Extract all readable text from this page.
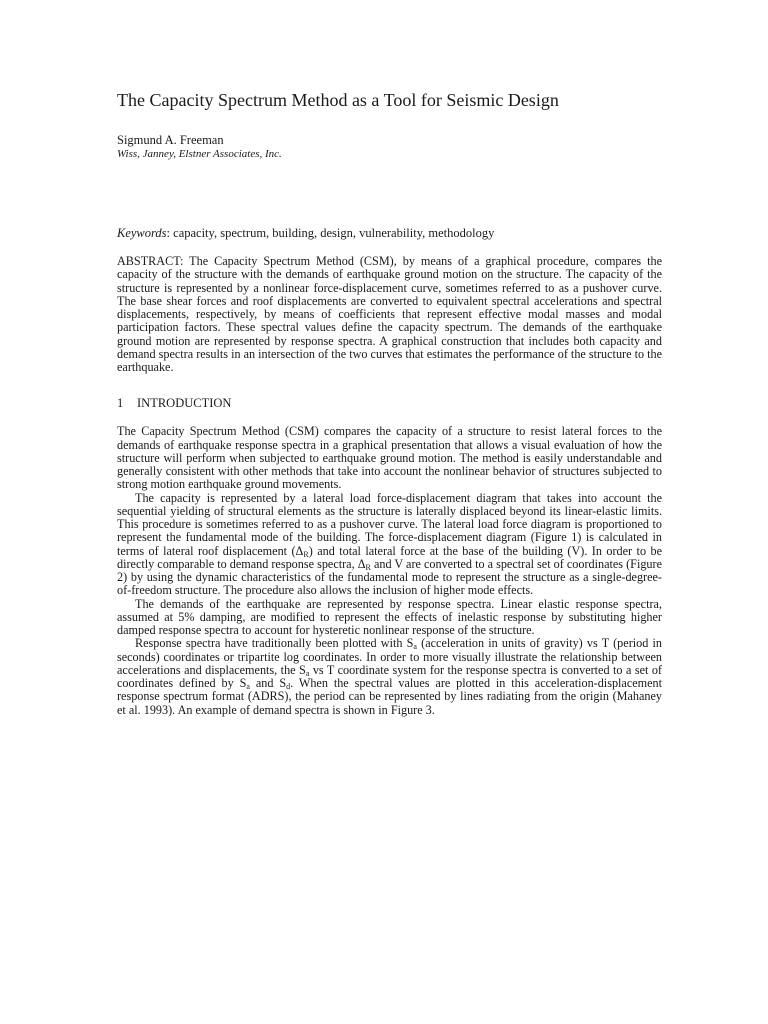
The Capacity Spectrum Method as a Tool for Seismic Design
Sigmund A. Freeman
Wiss, Janney, Elstner Associates, Inc.
Keywords: capacity, spectrum, building, design, vulnerability, methodology
ABSTRACT: The Capacity Spectrum Method (CSM), by means of a graphical procedure, compares the capacity of the structure with the demands of earthquake ground motion on the structure. The capacity of the structure is represented by a nonlinear force-displacement curve, sometimes referred to as a pushover curve. The base shear forces and roof displacements are converted to equivalent spectral accelerations and spectral displacements, respectively, by means of coefficients that represent effective modal masses and modal participation factors. These spectral values define the capacity spectrum. The demands of the earthquake ground motion are represented by response spectra. A graphical construction that includes both capacity and demand spectra results in an intersection of the two curves that estimates the performance of the structure to the earthquake.
1	INTRODUCTION

The Capacity Spectrum Method (CSM) compares the capacity of a structure to resist lateral forces to the demands of earthquake response spectra in a graphical presentation that allows a visual evaluation of how the structure will perform when subjected to earthquake ground motion. The method is easily understandable and generally consistent with other methods that take into account the nonlinear behavior of structures subjected to strong motion earthquake ground movements.

The capacity is represented by a lateral load force-displacement diagram that takes into account the sequential yielding of structural elements as the structure is laterally displaced beyond its linear-elastic limits. This procedure is sometimes referred to as a pushover curve. The lateral load force diagram is proportioned to represent the fundamental mode of the building. The force-displacement diagram (Figure 1) is calculated in terms of lateral roof displacement $(\Delta_R)$ and total lateral force at the base of the building (V). In order to be directly comparable to demand response spectra, $\Delta_R$ and V are converted to a spectral set of coordinates (Figure 2) by using the dynamic characteristics of the fundamental mode to represent the structure as a single-degree-of-freedom structure. The procedure also allows the inclusion of higher mode effects.

The demands of the earthquake are represented by response spectra. Linear elastic response spectra, assumed at 5% damping, are modified to represent the effects of inelastic response by substituting higher damped response spectra to account for hysteretic nonlinear response of the structure.

Response spectra have traditionally been plotted with $S_a$ (acceleration in units of gravity) vs T (period in seconds) coordinates or tripartite log coordinates. In order to more visually illustrate the relationship between accelerations and displacements, the $S_a$ vs T coordinate system for the response spectra is converted to a set of coordinates defined by $S_a$ and $S_d$. When the spectral values are plotted in this acceleration-displacement response spectrum format (ADRS), the period can be represented by lines radiating from the origin (Mahaney et al. 1993). An example of demand spectra is shown in Figure 3.
